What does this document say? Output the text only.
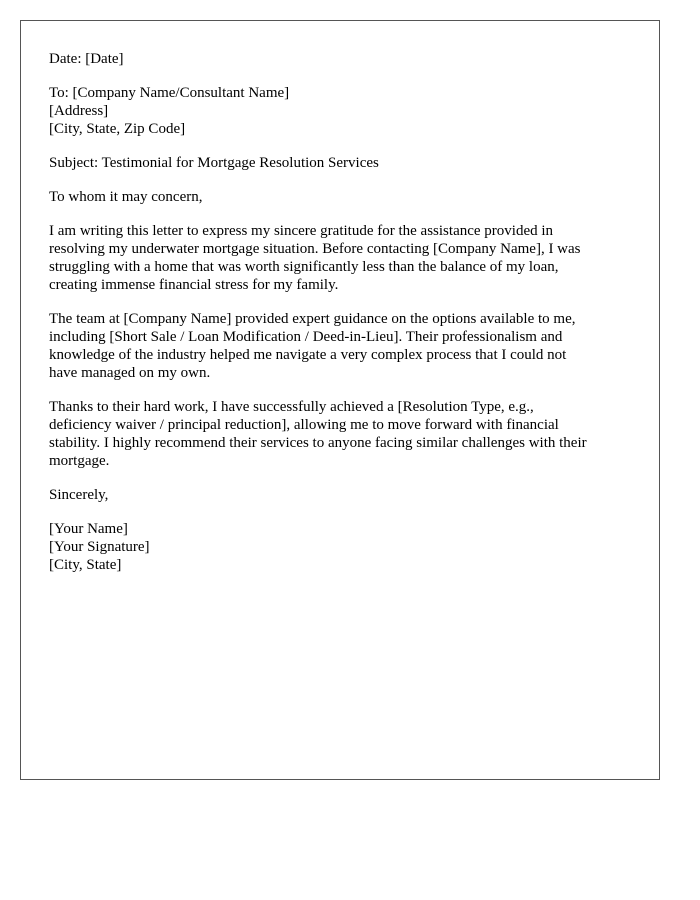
Date: [Date]
To: [Company Name/Consultant Name]
[Address]
[City, State, Zip Code]
Subject: Testimonial for Mortgage Resolution Services
To whom it may concern,
I am writing this letter to express my sincere gratitude for the assistance provided in
resolving my underwater mortgage situation. Before contacting [Company Name], I was
struggling with a home that was worth significantly less than the balance of my loan,
creating immense financial stress for my family.
The team at [Company Name] provided expert guidance on the options available to me,
including [Short Sale / Loan Modification / Deed-in-Lieu]. Their professionalism and
knowledge of the industry helped me navigate a very complex process that I could not
have managed on my own.
Thanks to their hard work, I have successfully achieved a [Resolution Type, e.g.,
deficiency waiver / principal reduction], allowing me to move forward with financial
stability. I highly recommend their services to anyone facing similar challenges with their
mortgage.
Sincerely,
[Your Name]
[Your Signature]
[City, State]
